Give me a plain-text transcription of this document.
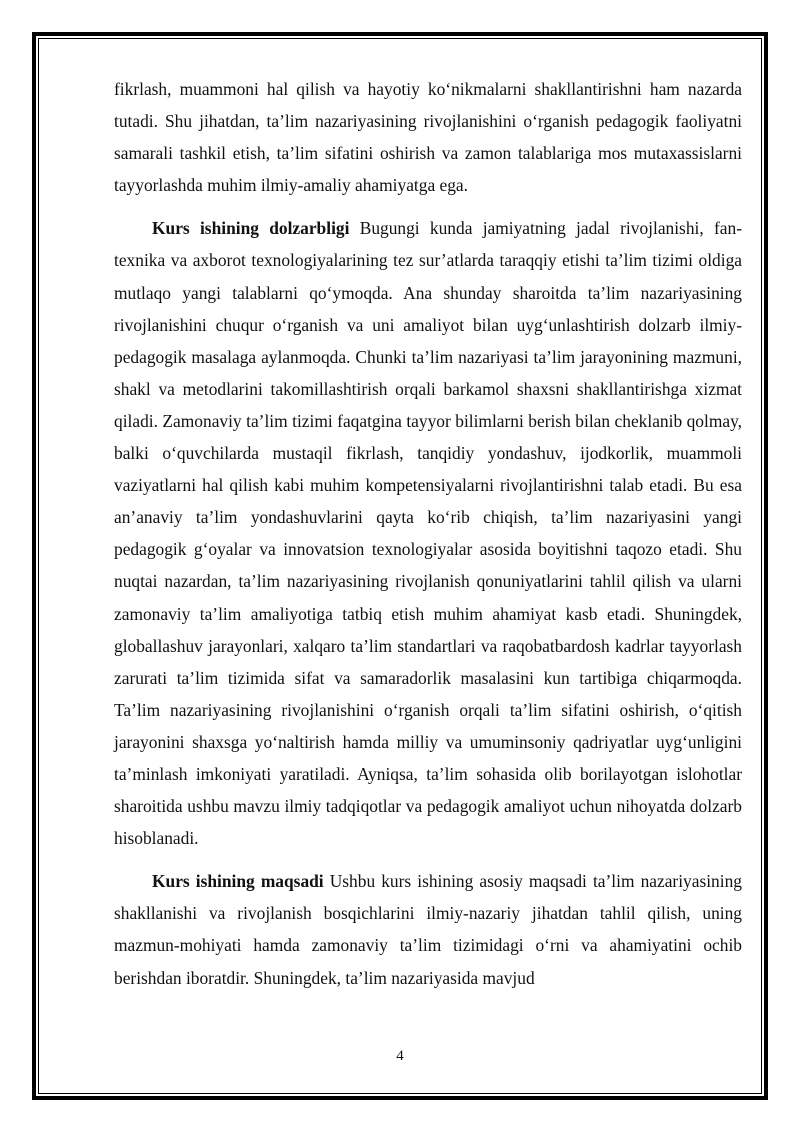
fikrlash, muammoni hal qilish va hayotiy ko‘nikmalarni shakllantirishni ham nazarda tutadi. Shu jihatdan, ta’lim nazariyasining rivojlanishini o‘rganish pedagogik faoliyatni samarali tashkil etish, ta’lim sifatini oshirish va zamon talablariga mos mutaxassislarni tayyorlashda muhim ilmiy-amaliy ahamiyatga ega.

Kurs ishining dolzarbligi Bugungi kunda jamiyatning jadal rivojlanishi, fan-texnika va axborot texnologiyalarining tez sur’atlarda taraqqiy etishi ta’lim tizimi oldiga mutlaqo yangi talablarni qo‘ymoqda. Ana shunday sharoitda ta’lim nazariyasining rivojlanishini chuqur o‘rganish va uni amaliyot bilan uyg‘unlashtirish dolzarb ilmiy-pedagogik masalaga aylanmoqda. Chunki ta’lim nazariyasi ta’lim jarayonining mazmuni, shakl va metodlarini takomillashtirish orqali barkamol shaxsni shakllantirishga xizmat qiladi. Zamonaviy ta’lim tizimi faqatgina tayyor bilimlarni berish bilan cheklanib qolmay, balki o‘quvchilarda mustaqil fikrlash, tanqidiy yondashuv, ijodkorlik, muammoli vaziyatlarni hal qilish kabi muhim kompetensiyalarni rivojlantirishni talab etadi. Bu esa an’anaviy ta’lim yondashuvlarini qayta ko‘rib chiqish, ta’lim nazariyasini yangi pedagogik g‘oyalar va innovatsion texnologiyalar asosida boyitishni taqozo etadi. Shu nuqtai nazardan, ta’lim nazariyasining rivojlanish qonuniyatlarini tahlil qilish va ularni zamonaviy ta’lim amaliyotiga tatbiq etish muhim ahamiyat kasb etadi. Shuningdek, globallashuv jarayonlari, xalqaro ta’lim standartlari va raqobatbardosh kadrlar tayyorlash zarurati ta’lim tizimida sifat va samaradorlik masalasini kun tartibiga chiqarmoqda. Ta’lim nazariyasining rivojlanishini o‘rganish orqali ta’lim sifatini oshirish, o‘qitish jarayonini shaxsga yo‘naltirish hamda milliy va umuminsoniy qadriyatlar uyg‘unligini ta’minlash imkoniyati yaratiladi. Ayniqsa, ta’lim sohasida olib borilayotgan islohotlar sharoitida ushbu mavzu ilmiy tadqiqotlar va pedagogik amaliyot uchun nihoyatda dolzarb hisoblanadi.

Kurs ishining maqsadi Ushbu kurs ishining asosiy maqsadi ta’lim nazariyasining shakllanishi va rivojlanish bosqichlarini ilmiy-nazariy jihatdan tahlil qilish, uning mazmun-mohiyati hamda zamonaviy ta’lim tizimidagi o‘rni va ahamiyatini ochib berishdan iboratdir. Shuningdek, ta’lim nazariyasida mavjud

4
